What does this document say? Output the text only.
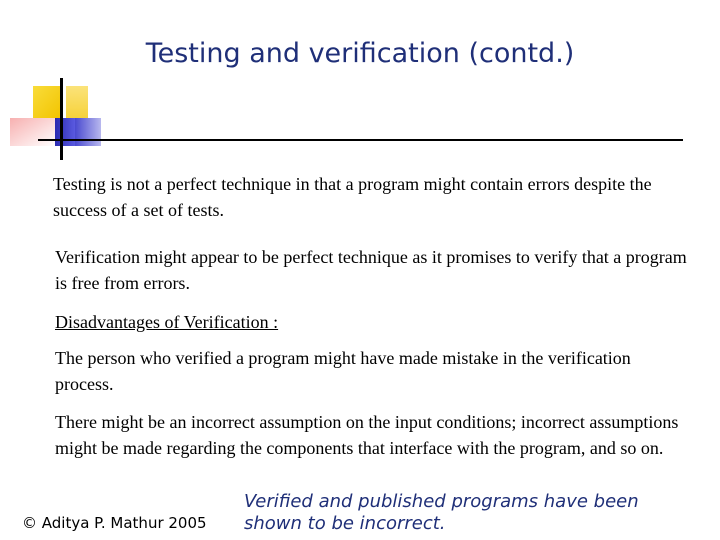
Testing and verification (contd.)

Testing is not a perfect technique in that a program might contain errors despite the success of a set of tests.

Verification might appear to be perfect technique as it promises to verify that a program is free from errors.

Disadvantages of Verification :

The person who verified a program might have made mistake in the verification process.

There might be an incorrect assumption on the input conditions; incorrect assumptions might be made regarding the components that interface with the program, and so on.

© Aditya P. Mathur 2005
Verified and published programs have been
shown to be incorrect.
